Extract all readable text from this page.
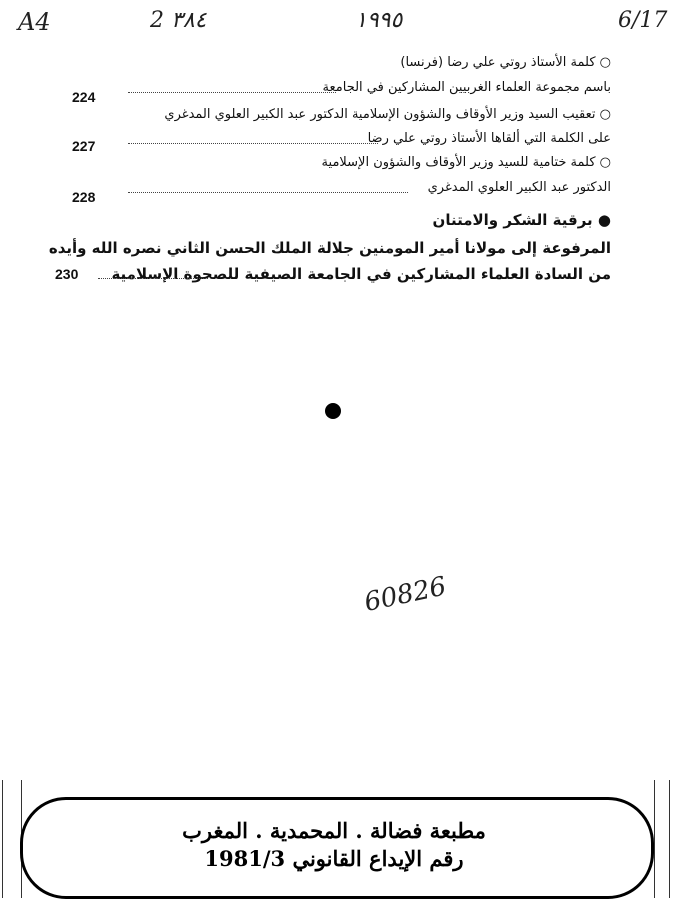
A4	2 ٣٨٤	١٩٩٥	6/17
○ كلمة الأستاذ روتي علي رضا (فرنسا)
باسم مجموعة العلماء الغربيين المشاركين في الجامعة
224
○ تعقيب السيد وزير الأوقاف والشؤون الإسلامية الدكتور عبد الكبير العلوي المدغري
على الكلمة التي ألقاها الأستاذ روتي علي رضا
227
○ كلمة ختامية للسيد وزير الأوقاف والشؤون الإسلامية
الدكتور عبد الكبير العلوي المدغري
228
● برقية الشكر والامتنان
المرفوعة إلى مولانا أمير المومنين جلالة الملك الحسن الثاني نصره الله وأيده
من السادة العلماء المشاركين في الجامعة الصيفية للصحوة الإسلامية
230
60826
مطبعة فضالة . المحمدية . المغرب
رقم الإيداع القانوني 1981/3
